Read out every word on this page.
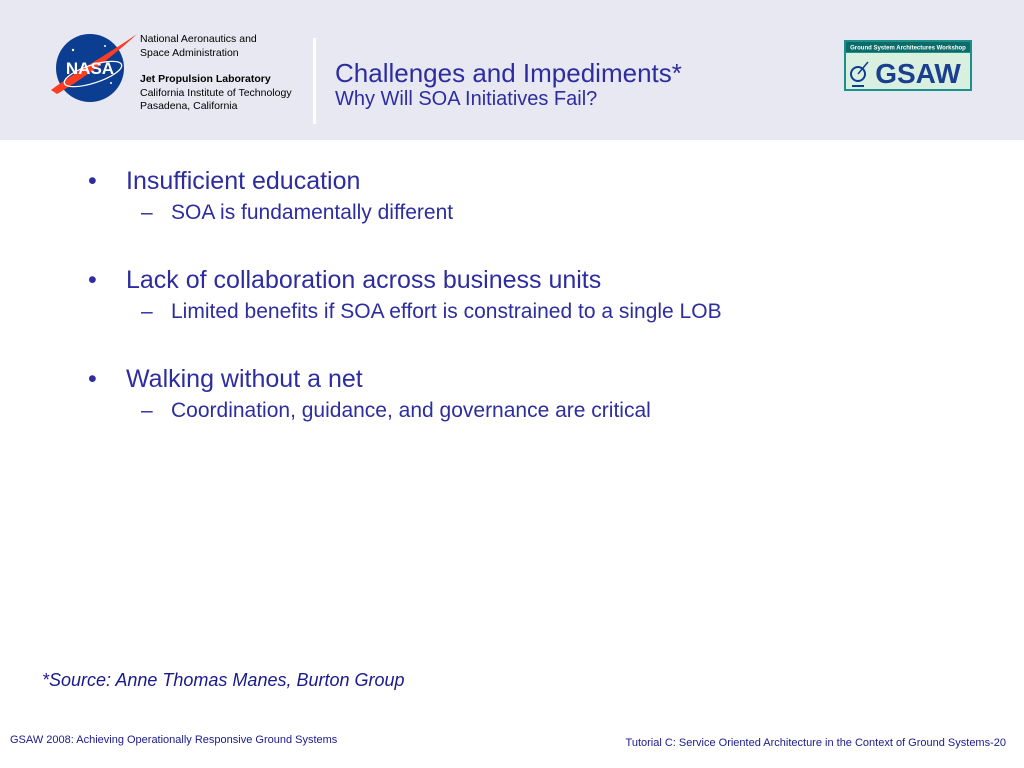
NASA
National Aeronautics and
Space Administration
Jet Propulsion Laboratory
California Institute of Technology
Pasadena, California
Challenges and Impediments*
Why Will SOA Initiatives Fail?
Ground System Architectures Workshop
GSAW
• Insufficient education
– SOA is fundamentally different
• Lack of collaboration across business units
– Limited benefits if SOA effort is constrained to a single LOB
• Walking without a net
– Coordination, guidance, and governance are critical
*Source: Anne Thomas Manes, Burton Group
GSAW 2008: Achieving Operationally Responsive Ground Systems	Tutorial C: Service Oriented Architecture in the Context of Ground Systems-20
